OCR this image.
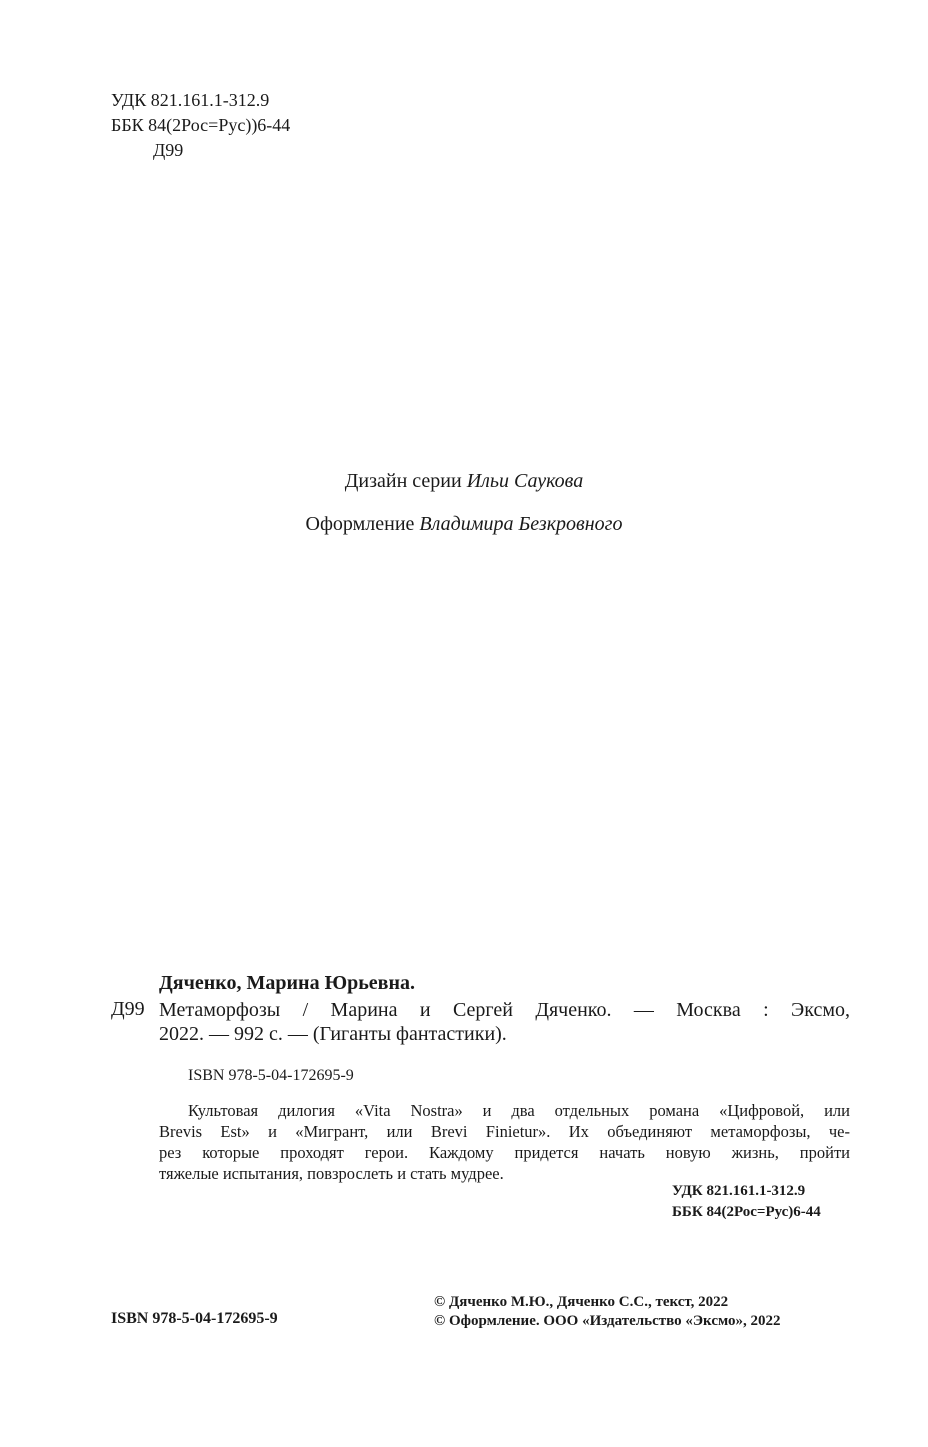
УДК 821.161.1-312.9
ББК 84(2Рос=Рус))6-44
Д99
Дизайн серии Ильи Саукова
Оформление Владимира Безкровного
Дяченко, Марина Юрьевна.
Д99 Метаморфозы / Марина и Сергей Дяченко. — Москва : Эксмо,
2022. — 992 с. — (Гиганты фантастики).
ISBN 978-5-04-172695-9
Культовая дилогия «Vita Nostra» и два отдельных романа «Цифровой, или
Brevis Est» и «Мигрант, или Brevi Finietur». Их объединяют метаморфозы, че-
рез которые проходят герои. Каждому придется начать новую жизнь, пройти
тяжелые испытания, повзрослеть и стать мудрее.
УДК 821.161.1-312.9
ББК 84(2Рос=Рус)6-44
ISBN 978-5-04-172695-9
© Дяченко М.Ю., Дяченко С.С., текст, 2022
© Оформление. ООО «Издательство «Эксмо», 2022
